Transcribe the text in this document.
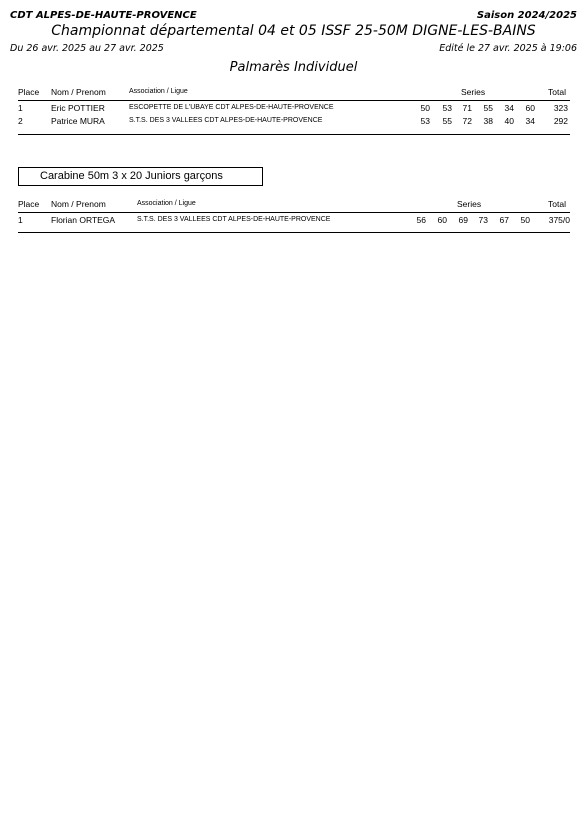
CDT ALPES-DE-HAUTE-PROVENCE	Saison 2024/2025
Championnat départemental 04 et 05 ISSF 25-50M DIGNE-LES-BAINS
Du 26 avr. 2025 au 27 avr. 2025	Edité le 27 avr. 2025 à 19:06
Palmarès Individuel
Place Nom / Prenom	Association / Ligue	Series	Total
1	Eric POTTIER	ESCOPETTE DE L'UBAYE CDT ALPES-DE-HAUTE-PROVENCE	50	53	71	55	34	60	323
2	Patrice MURA	S.T.S. DES 3 VALLEES CDT ALPES-DE-HAUTE-PROVENCE	53	55	72	38	40	34	292
Carabine 50m 3 x 20 Juniors garçons
Place Nom / Prenom	Association / Ligue	Series	Total
1	Florian ORTEGA	S.T.S. DES 3 VALLEES CDT ALPES-DE-HAUTE-PROVENCE	56	60	69	73	67	50	375/0
